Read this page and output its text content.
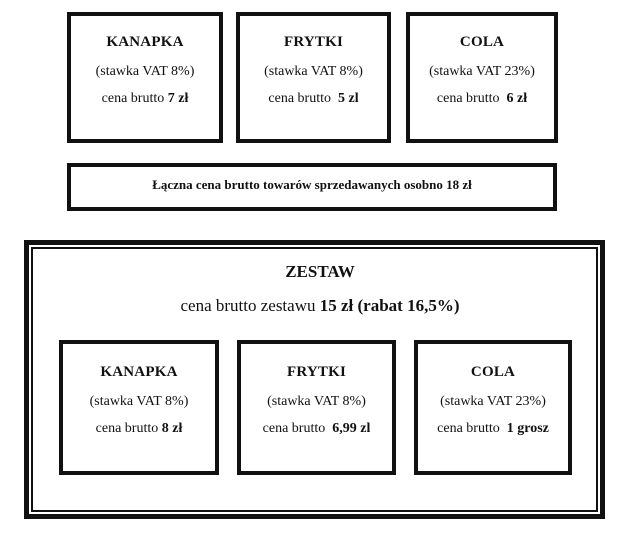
KANAPKA
(stawka VAT 8%)
cena brutto 7 zł
FRYTKI
(stawka VAT 8%)
cena brutto 5 zl
COLA
(stawka VAT 23%)
cena brutto 6 zł
Łączna cena brutto towarów sprzedawanych osobno 18 zł
ZESTAW
cena brutto zestawu 15 zł (rabat 16,5%)
KANAPKA
(stawka VAT 8%)
cena brutto 8 zł
FRYTKI
(stawka VAT 8%)
cena brutto 6,99 zl
COLA
(stawka VAT 23%)
cena brutto 1 grosz
